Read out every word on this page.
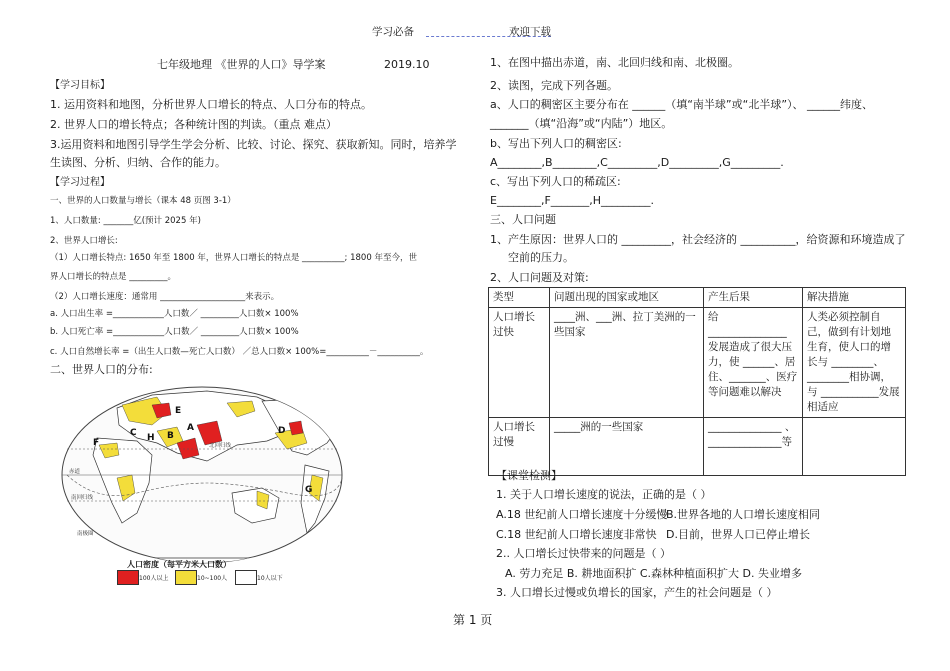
学习必备	欢迎下载
七年级地理 《世界的人口》导学案	2019.10
【学习目标】
1. 运用资料和地图，分析世界人口增长的特点、人口分布的特点。
2. 世界人口的增长特点；各种统计图的判读。（重点 难点）
3.运用资料和地图引导学生学会分析、比较、讨论、探究、获取新知。同时，培养学
生读图、分析、归纳、合作的能力。
【学习过程】
一、世界的人口数量与增长（课本 48 页图 3-1）
1、人口数量: _______亿(预计 2025 年)
2、世界人口增长:
（1）人口增长特点: 1650 年至 1800 年，世界人口增长的特点是 __________; 1800 年至今，世
界人口增长的特点是 _________。
（2）人口增长速度：通常用 ____________________来表示。
a. 人口出生率 =____________人口数／ _________人口数× 100%
b. 人口死亡率 =____________人口数／ _________人口数× 100%
c. 人口自然增长率 =（出生人口数—死亡人口数） ／总人口数× 100%=__________－__________。
二、世界人口的分布:
E
F	H B
C	A	D
G
赤道
北回归线
南回归线
南极圈
人口密度（每平方米人口数）
100人以上	10~100人	10人以下
1、在图中描出赤道，南、北回归线和南、北极圈。
2、读图，完成下列各题。
a、人口的稠密区主要分布在 ______（填“南半球”或“北半球”）、 ______纬度、
_______（填“沿海”或“内陆”）地区。
b、写出下列人口的稠密区:
A________,B________,C_________,D_________,G_________.
c、写出下列人口的稀疏区:
E________,F_______,H_________.
三、人口问题
1、产生原因：世界人口的 _________，社会经济的 __________，给资源和环境造成了
空前的压力。
2、人口问题及对策:
类型	问题出现的国家或地区	产生后果	解决措施
人口增长过快	____洲、___洲、拉丁美洲的一些国家	给 _______________ 发展造成了很大压力，使 ______、居住、_______、医疗等问题难以解决	人类必须控制自己，做到有计划地生育，使人口的增长与 ________、________相协调，与 ___________发展相适应
人口增长过慢	_____洲的一些国家	______________ 、______________等	
【课堂检测】
1. 关于人口增长速度的说法，正确的是（ ）
A.18 世纪前人口增长速度十分缓慢
B.世界各地的人口增长速度相同
C.18 世纪前人口增长速度非常快 D.目前，世界人口已停止增长
2.. 人口增长过快带来的问题是（ ）
A. 劳力充足 B. 耕地面积扩 C.森林种植面积扩大 D. 失业增多
3. 人口增长过慢或负增长的国家，产生的社会问题是（ ）
第 1 页
